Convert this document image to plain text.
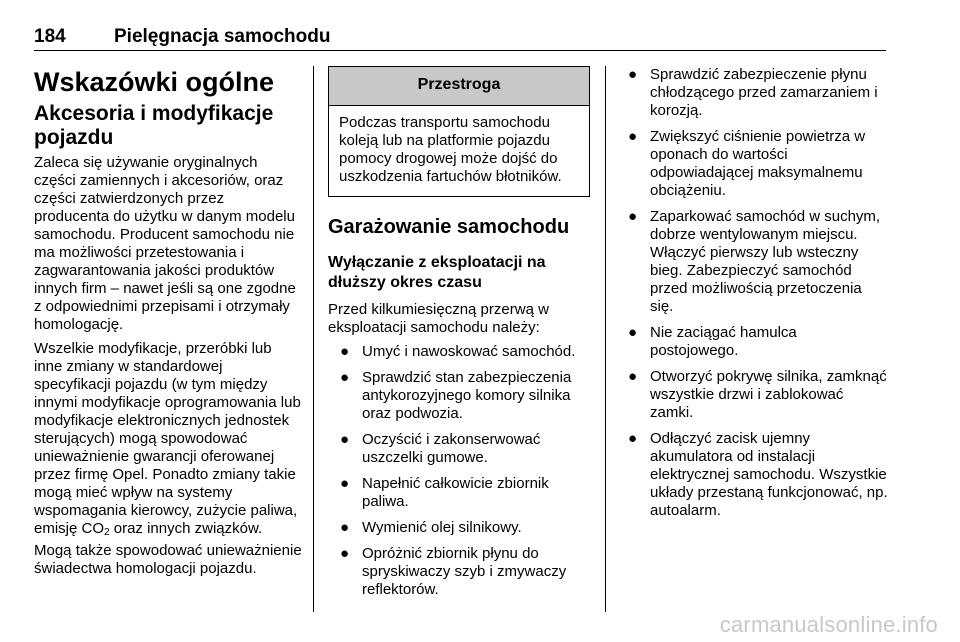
184	Pielęgnacja samochodu
Wskazówki ogólne
Akcesoria i modyfikacje pojazdu

Zaleca się używanie oryginalnych części zamiennych i akcesoriów, oraz części zatwierdzonych przez producenta do użytku w danym modelu samochodu. Producent samochodu nie ma możliwości przetestowania i zagwarantowania jakości produktów innych firm – nawet jeśli są one zgodne z odpowiednimi przepisami i otrzymały homologację.

Wszelkie modyfikacje, przeróbki lub inne zmiany w standardowej specyfikacji pojazdu (w tym między innymi modyfikacje oprogramowania lub modyfikacje elektronicznych jednostek sterujących) mogą spowodować unieważnienie gwarancji oferowanej przez firmę Opel. Ponadto zmiany takie mogą mieć wpływ na systemy wspomagania kierowcy, zużycie paliwa, emisję $CO_2$ oraz innych związków. Mogą także spowodować unieważnienie świadectwa homologacji pojazdu.

Przestroga
Podczas transportu samochodu koleją lub na platformie pojazdu pomocy drogowej może dojść do uszkodzenia fartuchów błotników.
Garażowanie samochodu
Wyłączanie z eksploatacji na dłuższy okres czasu

Przed kilkumiesięczną przerwą w eksploatacji samochodu należy:

● Umyć i nawoskować samochód.
● Sprawdzić stan zabezpieczenia antykorozyjnego komory silnika oraz podwozia.
● Oczyścić i zakonserwować uszczelki gumowe.
● Napełnić całkowicie zbiornik paliwa.
● Wymienić olej silnikowy.
● Opróżnić zbiornik płynu do spryskiwaczy szyb i zmywaczy reflektorów.
● Sprawdzić zabezpieczenie płynu chłodzącego przed zamarzaniem i korozją.
● Zwiększyć ciśnienie powietrza w oponach do wartości odpowiadającej maksymalnemu obciążeniu.
● Zaparkować samochód w suchym, dobrze wentylowanym miejscu. Włączyć pierwszy lub wsteczny bieg. Zabezpieczyć samochód przed możliwością przetoczenia się.
● Nie zaciągać hamulca postojowego.
● Otworzyć pokrywę silnika, zamknąć wszystkie drzwi i zablokować zamki.
● Odłączyć zacisk ujemny akumulatora od instalacji elektrycznej samochodu. Wszystkie układy przestaną funkcjonować, np. autoalarm.
carmanualsonline.info
